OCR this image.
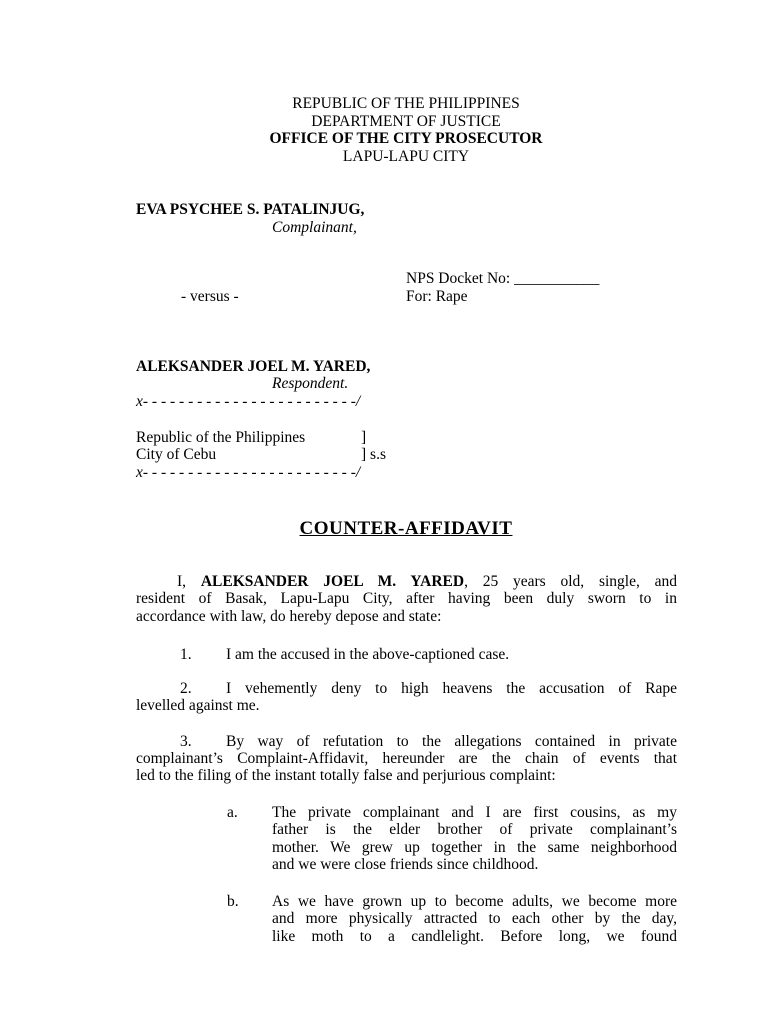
REPUBLIC OF THE PHILIPPINES
DEPARTMENT OF JUSTICE
OFFICE OF THE CITY PROSECUTOR
LAPU-LAPU CITY
EVA PSYCHEE S. PATALINJUG,
Complainant,
NPS Docket No: ___________
- versus -	For: Rape
ALEKSANDER JOEL M. YARED,
Respondent.
x- - - - - - - - - - - - - - - - - - - - - - - -/
Republic of the Philippines	]
City of Cebu	] s.s
x- - - - - - - - - - - - - - - - - - - - - - - -/
COUNTER-AFFIDAVIT
I, ALEKSANDER JOEL M. YARED, 25 years old, single, and
resident of Basak, Lapu-Lapu City, after having been duly sworn to in
accordance with law, do hereby depose and state:
1. I am the accused in the above-captioned case.
2. I vehemently deny to high heavens the accusation of Rape
levelled against me.
3. By way of refutation to the allegations contained in private
complainant’s Complaint-Affidavit, hereunder are the chain of events that
led to the filing of the instant totally false and perjurious complaint:
a. The private complainant and I are first cousins, as my
father is the elder brother of private complainant’s
mother. We grew up together in the same neighborhood
and we were close friends since childhood.
b. As we have grown up to become adults, we become more
and more physically attracted to each other by the day,
like moth to a candlelight. Before long, we found
